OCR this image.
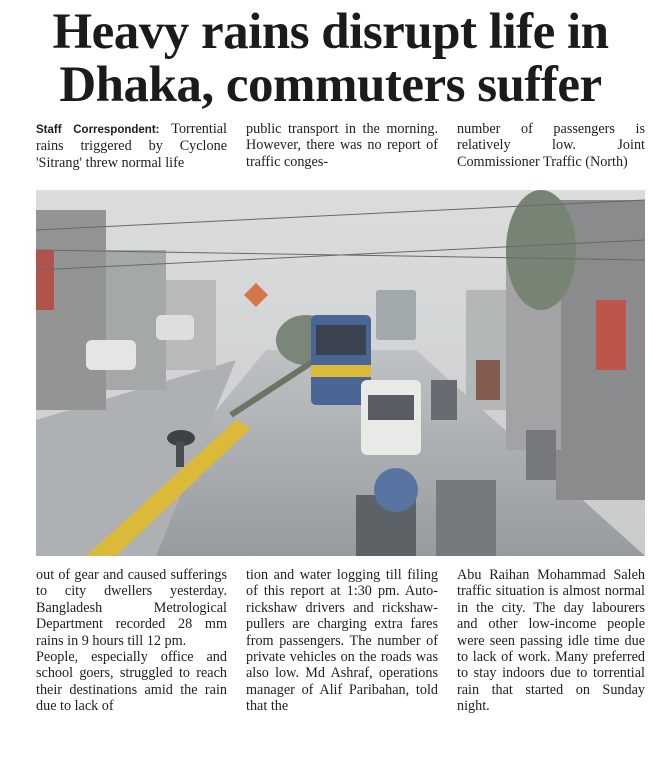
Heavy rains disrupt life in
Dhaka, commuters suffer

Staff Correspondent: Torrential rains triggered by Cyclone 'Sitrang' threw normal life

public transport in the morning. However, there was no report of traffic conges-

number of passengers is relatively low. Joint Commissioner Traffic (North)

out of gear and caused sufferings to city dwellers yesterday. Bangladesh Metrological Department recorded 28 mm rains in 9 hours till 12 pm.

People, especially office and school goers, struggled to reach their destinations amid the rain due to lack of

tion and water logging till filing of this report at 1:30 pm. Auto-rickshaw drivers and rickshaw-pullers are charging extra fares from passengers. The number of private vehicles on the roads was also low. Md Ashraf, operations manager of Alif Paribahan, told that the

Abu Raihan Mohammad Saleh traffic situation is almost normal in the city. The day labourers and other low-income people were seen passing idle time due to lack of work. Many preferred to stay indoors due to torrential rain that started on Sunday night.
